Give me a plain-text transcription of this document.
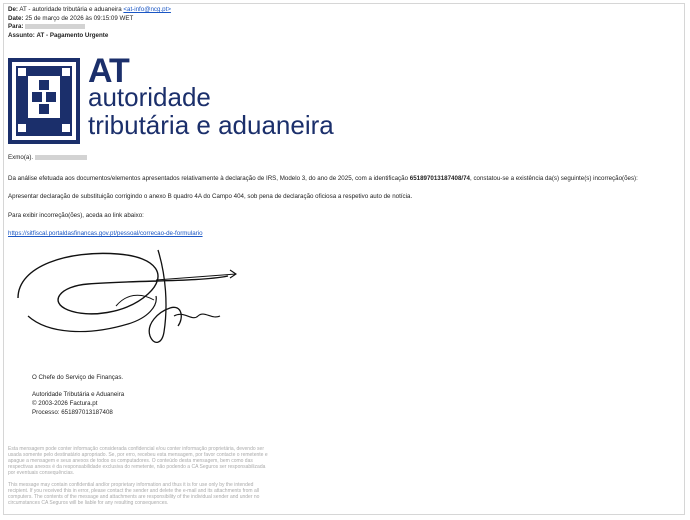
De: AT - autoridade tributária e aduaneira <at-info@ncg.pt>
Date: 25 de março de 2026 às 09:15:09 WET
Para:
Assunto: AT - Pagamento Urgente
AT
autoridade
tributária e aduaneira
Exmo(a).
Da análise efetuada aos documentos/elementos apresentados relativamente à declaração de IRS, Modelo 3, do ano de 2025, com a identificação 651897013187408/74, constatou-se a existência da(s) seguinte(s) incorreção(ões):
Apresentar declaração de substituição corrigindo o anexo B quadro 4A do Campo 404, sob pena de declaração oficiosa a respetivo auto de notícia.
Para exibir incorreção(ões), aceda ao link abaixo:
https://sitfiscal.portaldasfinancas.gov.pt/pessoal/correcao-de-formulario
O Chefe do Serviço de Finanças.
Autoridade Tributária e Aduaneira
© 2003-2026 Factura.pt
Processo: 651897013187408
Esta mensagem pode conter informação considerada confidencial e/ou conter informação proprietária, devendo ser usada somente pelo destinatário apropriado. Se, por erro, recebeu esta mensagem, por favor contacte o remetente e apague a mensagem e seus anexos de todos os computadores. O conteúdo desta mensagem, bem como das respectivas anexos é da responsabilidade exclusiva do remetente, não podendo a CA Seguros ser responsabilizada por eventuais consequências.
This message may contain confidential and/or proprietary information and thus it is for use only by the intended recipient. If you received this in error, please contact the sender and delete the e-mail and its attachments from all computers. The contents of the message and attachments are responsibility of the individual sender and under no circumstances CA Seguros will be liable for any resulting consequences.
